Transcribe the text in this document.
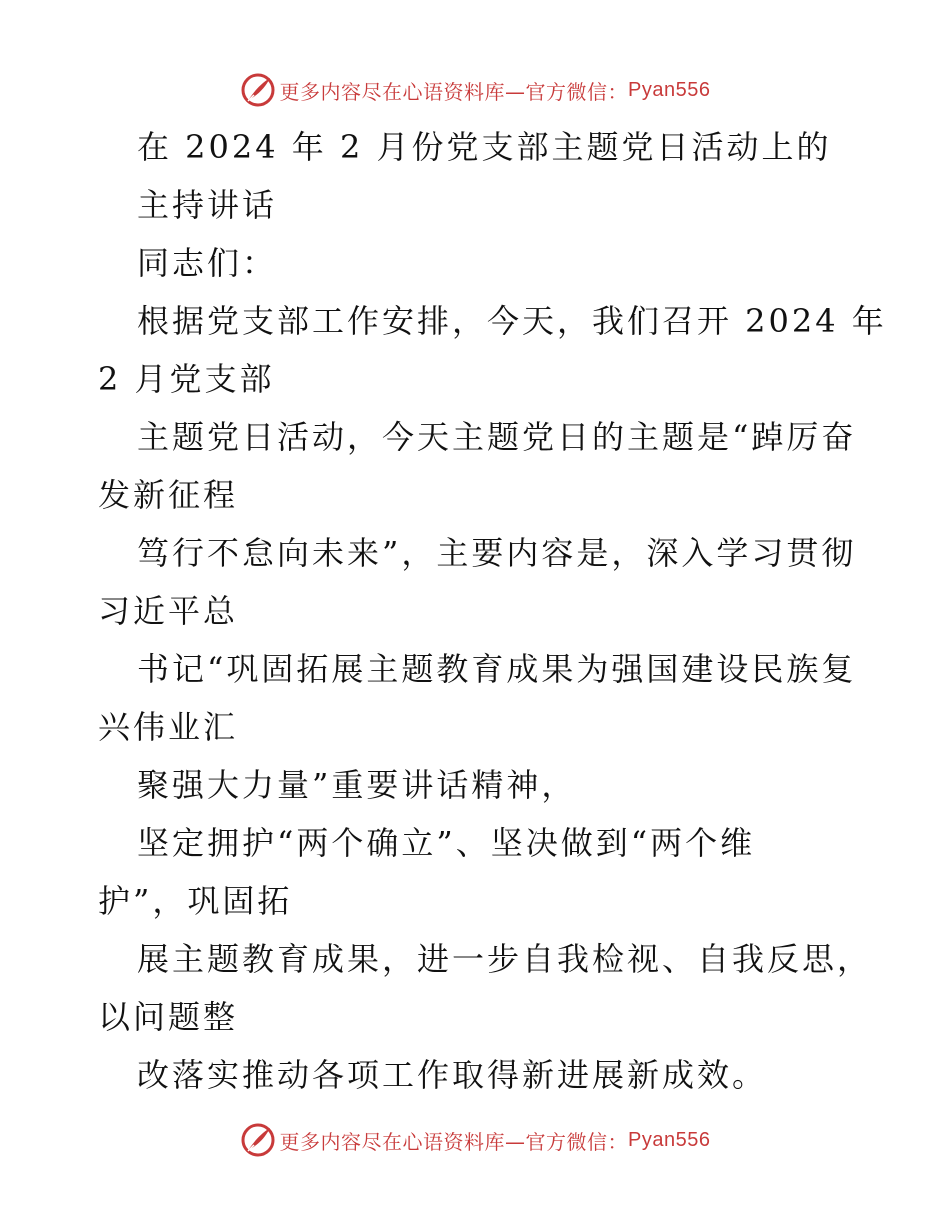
更多内容尽在心语资料库—官方微信： Pyan556
在 2024 年 2 月份党支部主题党日活动上的
主持讲话
同志们：
根据党支部工作安排，今天，我们召开 2024 年
2 月党支部
主题党日活动，今天主题党日的主题是“踔厉奋
发新征程
笃行不怠向未来”，主要内容是，深入学习贯彻
习近平总
书记“巩固拓展主题教育成果为强国建设民族复
兴伟业汇
聚强大力量”重要讲话精神，
坚定拥护“两个确立”、坚决做到“两个维
护”，巩固拓
展主题教育成果，进一步自我检视、自我反思，
以问题整
改落实推动各项工作取得新进展新成效。
更多内容尽在心语资料库—官方微信： Pyan556
